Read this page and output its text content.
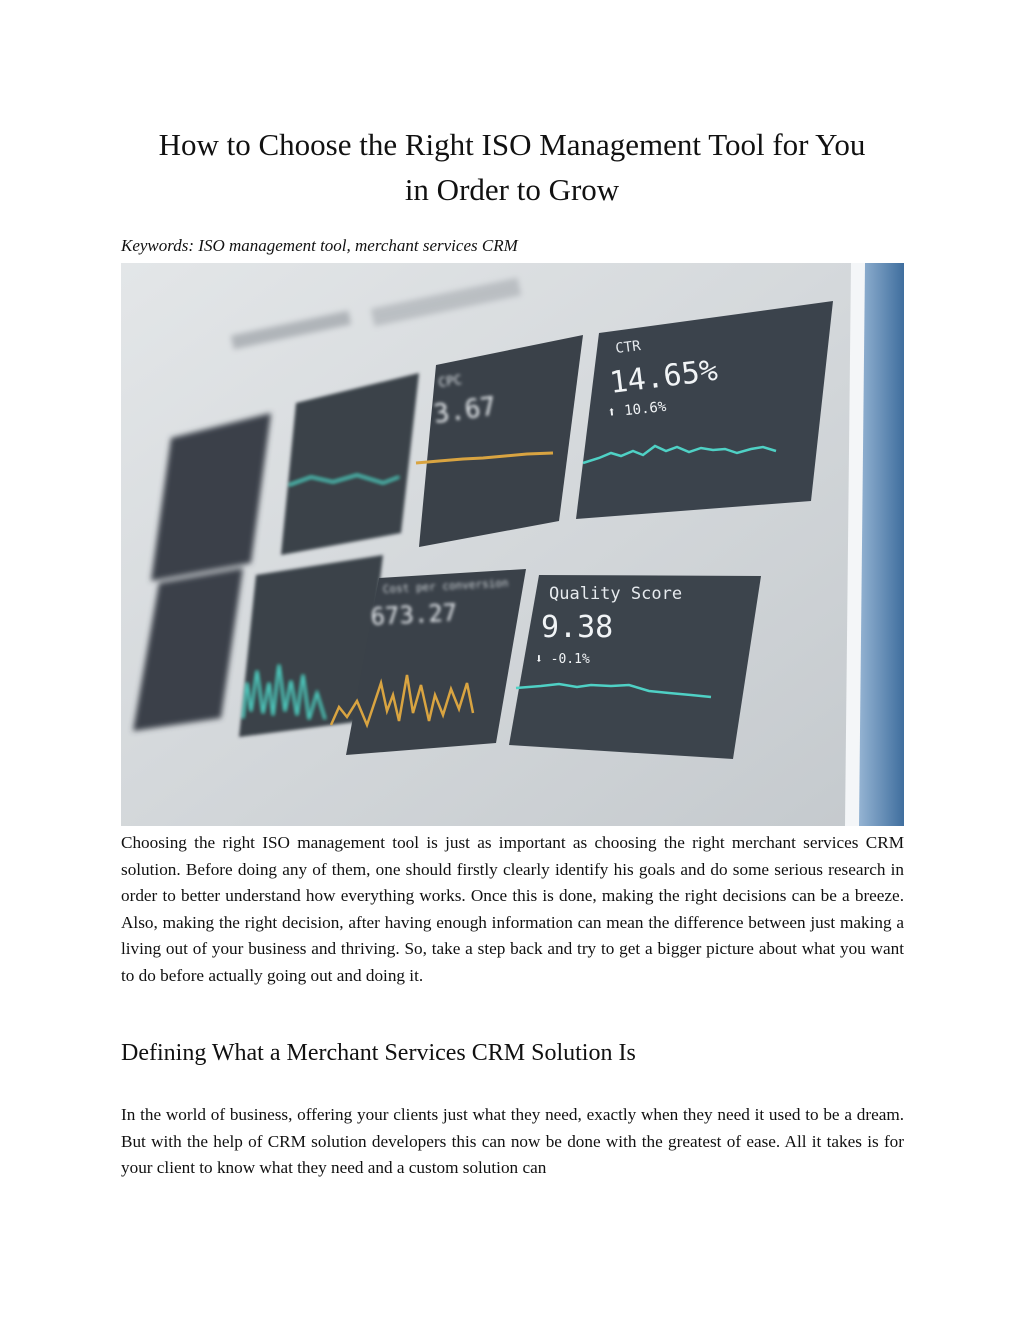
How to Choose the Right ISO Management Tool for You
in Order to Grow

Keywords: ISO management tool, merchant services CRM

CPC
3.67
CTR
14.65%
⬆ 10.6%
Cost per conversion
673.27
Quality Score
9.38
⬇ -0.1%

Choosing the right ISO management tool is just as important as choosing the right merchant services CRM solution. Before doing any of them, one should firstly clearly identify his goals and do some serious research in order to better understand how everything works. Once this is done, making the right decisions can be a breeze. Also, making the right decision, after having enough information can mean the difference between just making a living out of your business and thriving. So, take a step back and try to get a bigger picture about what you want to do before actually going out and doing it.

Defining What a Merchant Services CRM Solution Is

In the world of business, offering your clients just what they need, exactly when they need it used to be a dream. But with the help of CRM solution developers this can now be done with the greatest of ease. All it takes is for your client to know what they need and a custom solution can
